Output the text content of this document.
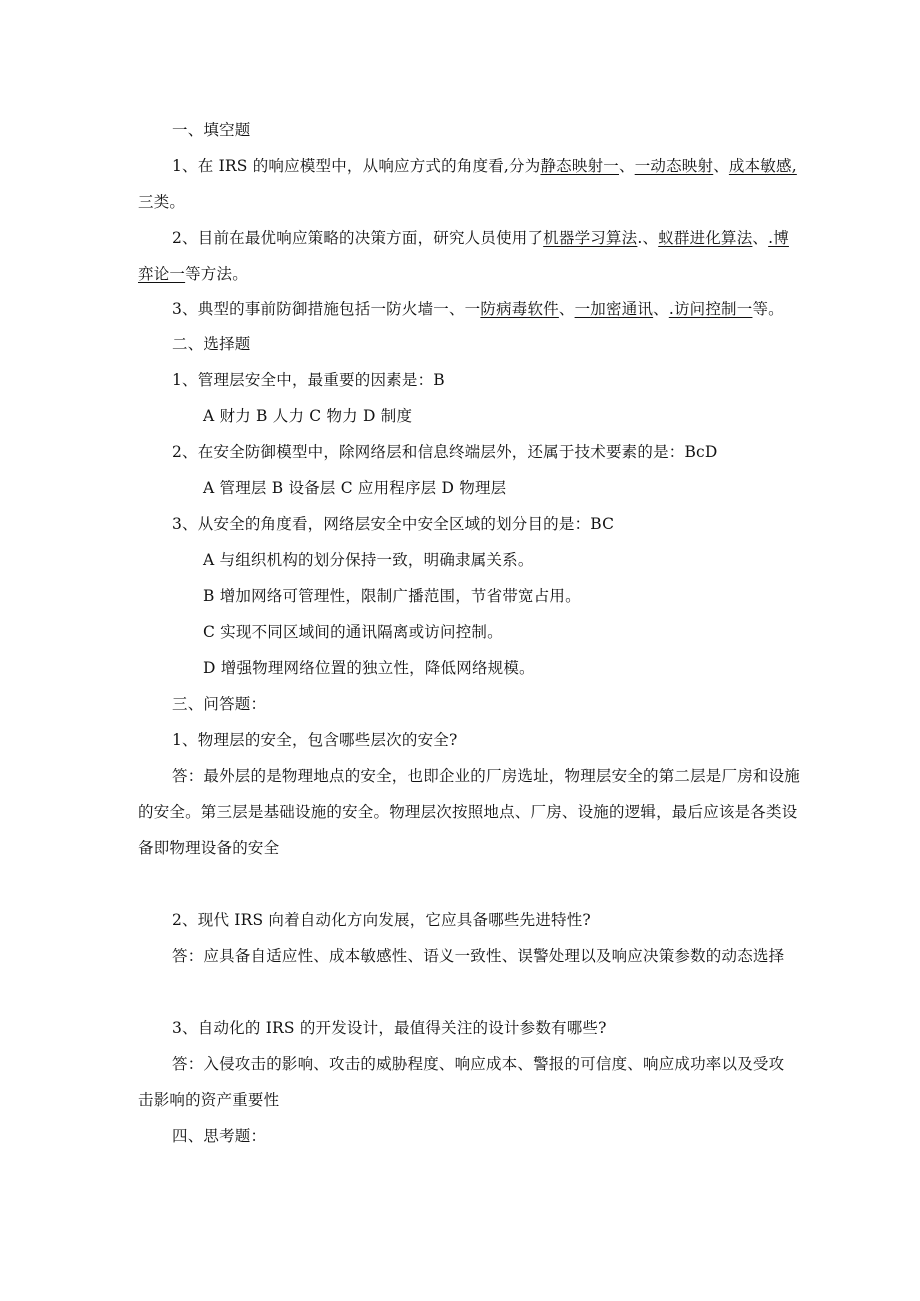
一、填空题
1、在 IRS 的响应模型中，从响应方式的角度看,分为静态映射一、一动态映射、成本敏感,
三类。
2、目前在最优响应策略的决策方面，研究人员使用了机器学习算法.、蚁群进化算法、.博
弈论一等方法。
3、典型的事前防御措施包括一防火墙一、一防病毒软件、一加密通讯、.访问控制一等。
二、选择题
1、管理层安全中，最重要的因素是：B
A 财力 B 人力 C 物力 D 制度
2、在安全防御模型中，除网络层和信息终端层外，还属于技术要素的是：BcD
A 管理层 B 设备层 C 应用程序层 D 物理层
3、从安全的角度看，网络层安全中安全区域的划分目的是：BC
A 与组织机构的划分保持一致，明确隶属关系。
B 增加网络可管理性，限制广播范围，节省带宽占用。
C 实现不同区域间的通讯隔离或访问控制。
D 增强物理网络位置的独立性，降低网络规模。
三、问答题：
1、物理层的安全，包含哪些层次的安全?
答：最外层的是物理地点的安全，也即企业的厂房选址，物理层安全的第二层是厂房和设施
的安全。第三层是基础设施的安全。物理层次按照地点、厂房、设施的逻辑，最后应该是各类设
备即物理设备的安全
2、现代 IRS 向着自动化方向发展，它应具备哪些先进特性?
答：应具备自适应性、成本敏感性、语义一致性、误警处理以及响应决策参数的动态选择
3、自动化的 IRS 的开发设计，最值得关注的设计参数有哪些?
答：入侵攻击的影响、攻击的威胁程度、响应成本、警报的可信度、响应成功率以及受攻
击影响的资产重要性
四、思考题：
